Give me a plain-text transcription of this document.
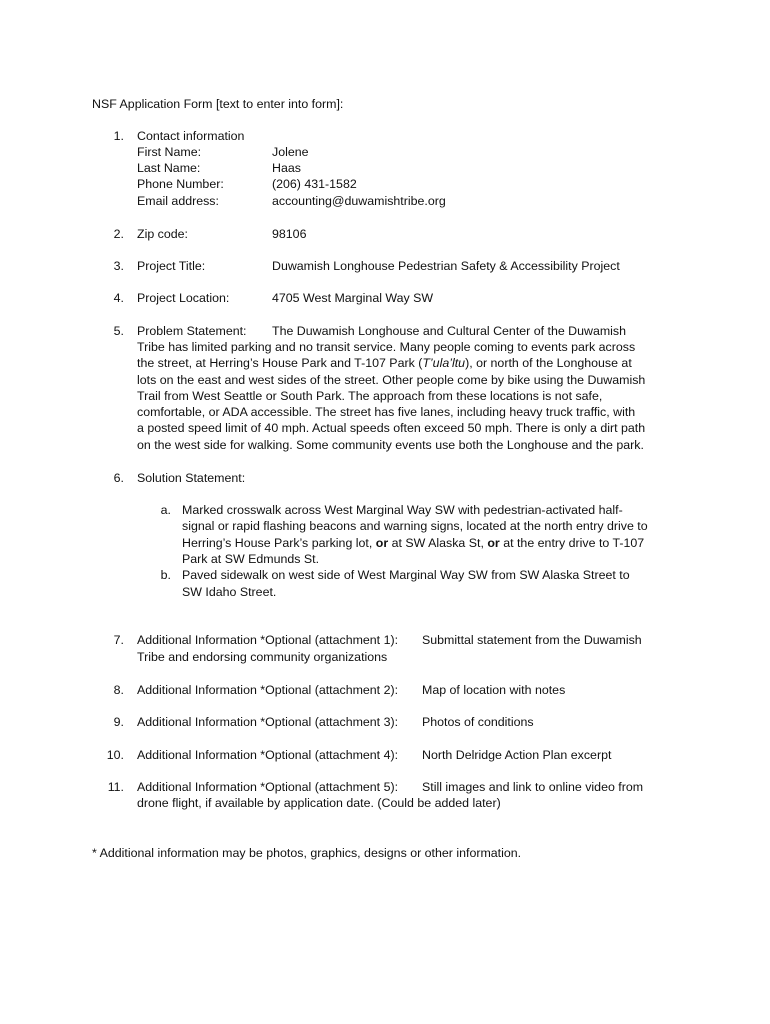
NSF Application Form [text to enter into form]:
1. Contact information
First Name:	Jolene
Last Name:	Haas
Phone Number:	(206) 431-1582
Email address:	accounting@duwamishtribe.org
2. Zip code:	98106
3. Project Title:	Duwamish Longhouse Pedestrian Safety & Accessibility Project
4. Project Location:	4705 West Marginal Way SW
5. Problem Statement: The Duwamish Longhouse and Cultural Center of the Duwamish
Tribe has limited parking and no transit service. Many people coming to events park across
the street, at Herring’s House Park and T-107 Park (T’ula’ltu), or north of the Longhouse at
lots on the east and west sides of the street. Other people come by bike using the Duwamish
Trail from West Seattle or South Park. The approach from these locations is not safe,
comfortable, or ADA accessible. The street has five lanes, including heavy truck traffic, with
a posted speed limit of 40 mph. Actual speeds often exceed 50 mph. There is only a dirt path
on the west side for walking. Some community events use both the Longhouse and the park.
6. Solution Statement:
a. Marked crosswalk across West Marginal Way SW with pedestrian-activated half-
signal or rapid flashing beacons and warning signs, located at the north entry drive to
Herring’s House Park’s parking lot, or at SW Alaska St, or at the entry drive to T-107
Park at SW Edmunds St.
b. Paved sidewalk on west side of West Marginal Way SW from SW Alaska Street to
SW Idaho Street.
7. Additional Information *Optional (attachment 1): Submittal statement from the Duwamish
Tribe and endorsing community organizations
8. Additional Information *Optional (attachment 2): Map of location with notes
9. Additional Information *Optional (attachment 3): Photos of conditions
10. Additional Information *Optional (attachment 4): North Delridge Action Plan excerpt
11. Additional Information *Optional (attachment 5): Still images and link to online video from
drone flight, if available by application date. (Could be added later)
* Additional information may be photos, graphics, designs or other information.
